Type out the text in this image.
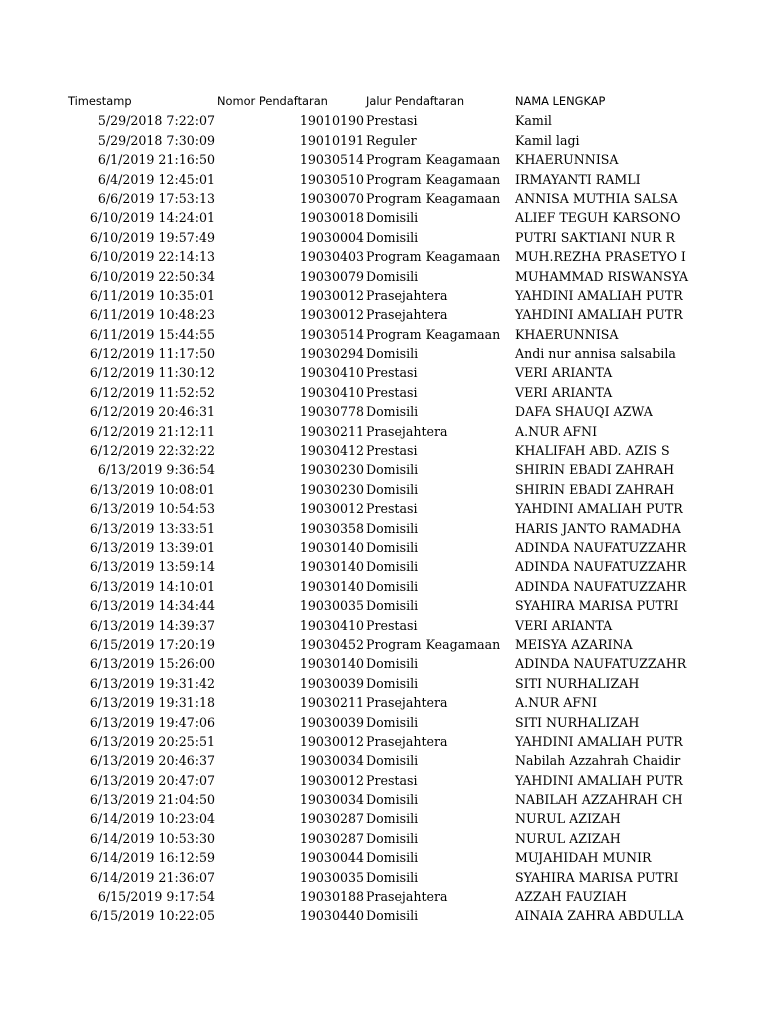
Timestamp	Nomor Pendaftaran	Jalur Pendaftaran	NAMA LENGKAP
5/29/2018 7:22:07	19010190 Prestasi	Kamil
5/29/2018 7:30:09	19010191 Reguler	Kamil lagi
6/1/2019 21:16:50	19030514 Program Keagamaan	KHAERUNNISA
6/4/2019 12:45:01	19030510 Program Keagamaan	IRMAYANTI RAMLI
6/6/2019 17:53:13	19030070 Program Keagamaan	ANNISA MUTHIA SALSA
6/10/2019 14:24:01	19030018 Domisili	ALIEF TEGUH KARSONO
6/10/2019 19:57:49	19030004 Domisili	PUTRI SAKTIANI NUR R
6/10/2019 22:14:13	19030403 Program Keagamaan	MUH.REZHA PRASETYO I
6/10/2019 22:50:34	19030079 Domisili	MUHAMMAD RISWANSYA
6/11/2019 10:35:01	19030012 Prasejahtera	YAHDINI AMALIAH PUTR
6/11/2019 10:48:23	19030012 Prasejahtera	YAHDINI AMALIAH PUTR
6/11/2019 15:44:55	19030514 Program Keagamaan	KHAERUNNISA
6/12/2019 11:17:50	19030294 Domisili	Andi nur annisa salsabila
6/12/2019 11:30:12	19030410 Prestasi	VERI ARIANTA
6/12/2019 11:52:52	19030410 Prestasi	VERI ARIANTA
6/12/2019 20:46:31	19030778 Domisili	DAFA SHAUQI AZWA
6/12/2019 21:12:11	19030211 Prasejahtera	A.NUR AFNI
6/12/2019 22:32:22	19030412 Prestasi	KHALIFAH ABD. AZIS S
6/13/2019 9:36:54	19030230 Domisili	SHIRIN EBADI ZAHRAH
6/13/2019 10:08:01	19030230 Domisili	SHIRIN EBADI ZAHRAH
6/13/2019 10:54:53	19030012 Prestasi	YAHDINI AMALIAH PUTR
6/13/2019 13:33:51	19030358 Domisili	HARIS JANTO RAMADHA
6/13/2019 13:39:01	19030140 Domisili	ADINDA NAUFATUZZAHR
6/13/2019 13:59:14	19030140 Domisili	ADINDA NAUFATUZZAHR
6/13/2019 14:10:01	19030140 Domisili	ADINDA NAUFATUZZAHR
6/13/2019 14:34:44	19030035 Domisili	SYAHIRA MARISA PUTRI
6/13/2019 14:39:37	19030410 Prestasi	VERI ARIANTA
6/15/2019 17:20:19	19030452 Program Keagamaan	MEISYA AZARINA
6/13/2019 15:26:00	19030140 Domisili	ADINDA NAUFATUZZAHR
6/13/2019 19:31:42	19030039 Domisili	SITI NURHALIZAH
6/13/2019 19:31:18	19030211 Prasejahtera	A.NUR AFNI
6/13/2019 19:47:06	19030039 Domisili	SITI NURHALIZAH
6/13/2019 20:25:51	19030012 Prasejahtera	YAHDINI AMALIAH PUTR
6/13/2019 20:46:37	19030034 Domisili	Nabilah Azzahrah Chaidir
6/13/2019 20:47:07	19030012 Prestasi	YAHDINI AMALIAH PUTR
6/13/2019 21:04:50	19030034 Domisili	NABILAH AZZAHRAH CH
6/14/2019 10:23:04	19030287 Domisili	NURUL AZIZAH
6/14/2019 10:53:30	19030287 Domisili	NURUL AZIZAH
6/14/2019 16:12:59	19030044 Domisili	MUJAHIDAH MUNIR
6/14/2019 21:36:07	19030035 Domisili	SYAHIRA MARISA PUTRI
6/15/2019 9:17:54	19030188 Prasejahtera	AZZAH FAUZIAH
6/15/2019 10:22:05	19030440 Domisili	AINAIA ZAHRA ABDULLA
